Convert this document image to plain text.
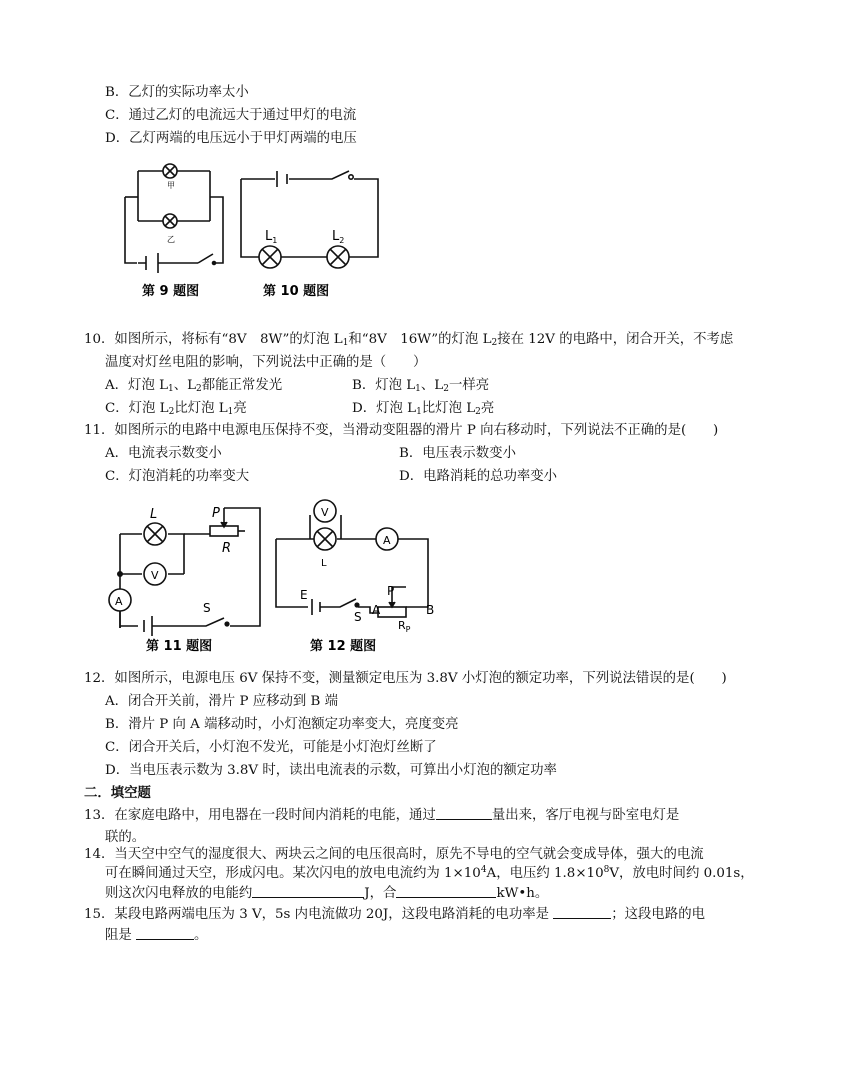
B．乙灯的实际功率太小
C．通过乙灯的电流远大于通过甲灯的电流
D．乙灯两端的电压远小于甲灯两端的电压
甲
乙
第 9 题图
$L_1$	$L_2$
第 10 题图
10．如图所示，将标有“8V　8W”的灯泡 $L_1$和“8V　16W”的灯泡 $L_2$接在 12V 的电路中，闭合开关，不考虑
温度对灯丝电阻的影响，下列说法中正确的是（　　）
A．灯泡 $L_1$、$L_2$都能正常发光	B．灯泡 $L_1$、$L_2$一样亮
C．灯泡 $L_2$比灯泡 $L_1$亮	D．灯泡 $L_1$比灯泡 $L_2$亮
11．如图所示的电路中电源电压保持不变，当滑动变阻器的滑片 P 向右移动时，下列说法不正确的是(　　)
A．电流表示数变小	B．电压表示数变小
C．灯泡消耗的功率变大	D．电路消耗的总功率变小
L	P
R
V
A	S
第 11 题图
V
L
A
E
S
P
A	B
$R_P$
第 12 题图
12．如图所示，电源电压 6V 保持不变，测量额定电压为 3.8V 小灯泡的额定功率，下列说法错误的是(　　)
A．闭合开关前，滑片 P 应移动到 B 端
B．滑片 P 向 A 端移动时，小灯泡额定功率变大，亮度变亮
C．闭合开关后，小灯泡不发光，可能是小灯泡灯丝断了
D．当电压表示数为 3.8V 时，读出电流表的示数，可算出小灯泡的额定功率
二．填空题
13．在家庭电路中，用电器在一段时间内消耗的电能，通过	量出来，客厅电视与卧室电灯是
联的。
14．当天空中空气的湿度很大、两块云之间的电压很高时，原先不导电的空气就会变成导体，强大的电流
可在瞬间通过天空，形成闪电。某次闪电的放电电流约为 $1\times 10^4A$，电压约 $1.8\times 10^8V$，放电时间约 0.01s，
则这次闪电释放的电能约	J，合	kW•h。
15．某段电路两端电压为 3 V，5s 内电流做功 20J，这段电路消耗的电功率是	；这段电路的电
阻是	。
